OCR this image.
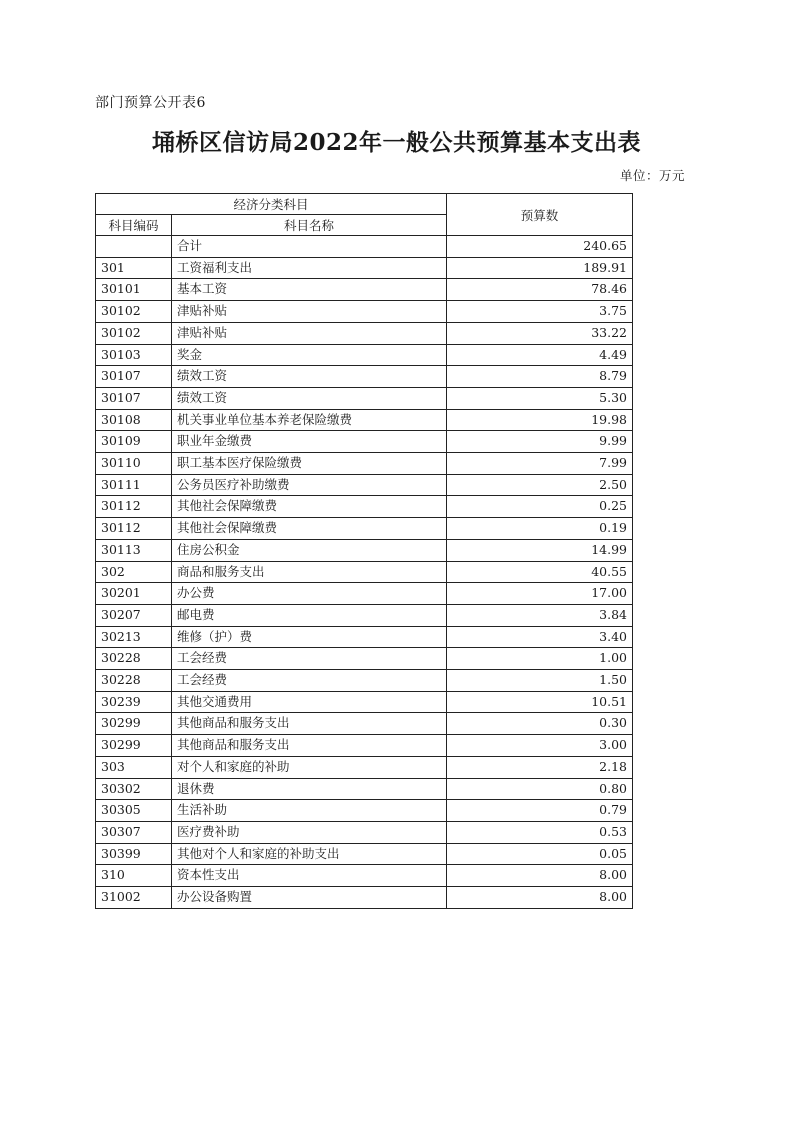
部门预算公开表6
埇桥区信访局2022年一般公共预算基本支出表
单位：万元
经济分类科目		预算数
科目编码	科目名称	
	合计	240.65
301	工资福利支出	189.91
30101	基本工资	78.46
30102	津贴补贴	3.75
30102	津贴补贴	33.22
30103	奖金	4.49
30107	绩效工资	8.79
30107	绩效工资	5.30
30108	机关事业单位基本养老保险缴费	19.98
30109	职业年金缴费	9.99
30110	职工基本医疗保险缴费	7.99
30111	公务员医疗补助缴费	2.50
30112	其他社会保障缴费	0.25
30112	其他社会保障缴费	0.19
30113	住房公积金	14.99
302	商品和服务支出	40.55
30201	办公费	17.00
30207	邮电费	3.84
30213	维修（护）费	3.40
30228	工会经费	1.00
30228	工会经费	1.50
30239	其他交通费用	10.51
30299	其他商品和服务支出	0.30
30299	其他商品和服务支出	3.00
303	对个人和家庭的补助	2.18
30302	退休费	0.80
30305	生活补助	0.79
30307	医疗费补助	0.53
30399	其他对个人和家庭的补助支出	0.05
310	资本性支出	8.00
31002	办公设备购置	8.00
